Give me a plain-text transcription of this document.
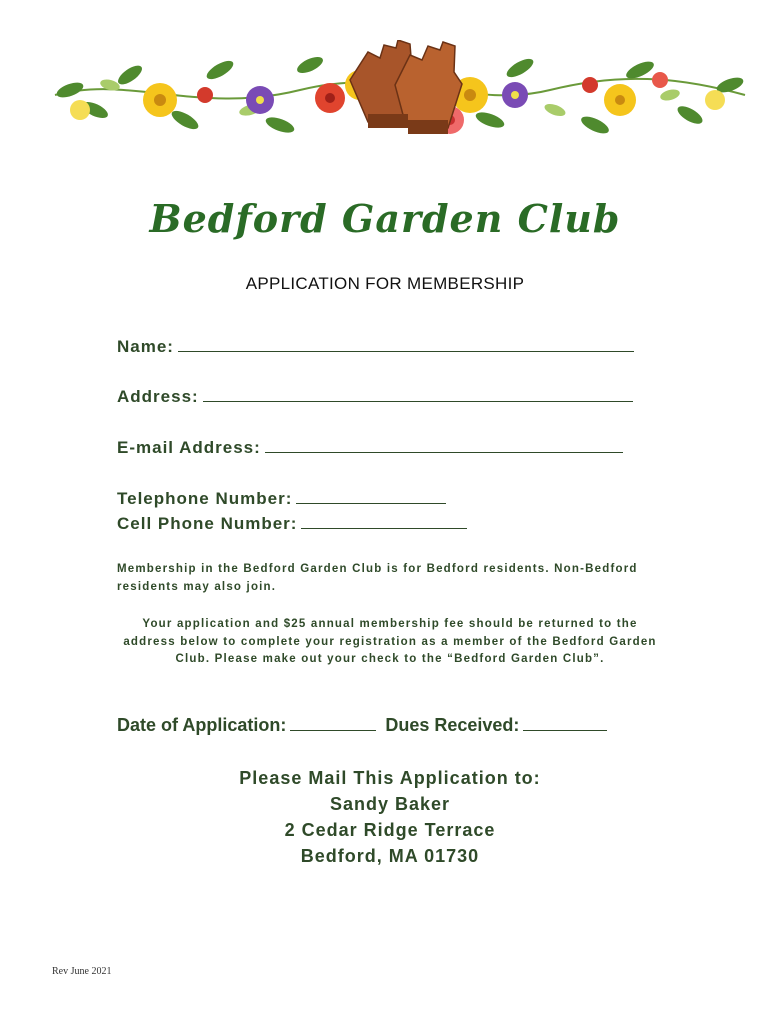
Bedford Garden Club
APPLICATION FOR MEMBERSHIP
Name:
Address:
E-mail Address:
Telephone Number:
Cell Phone Number:
Membership in the Bedford Garden Club is for Bedford residents. Non-Bedford residents may also join.
Your application and $25 annual membership fee should be returned to the address below to complete your registration as a member of the Bedford Garden Club. Please make out your check to the “Bedford Garden Club”.
Date of Application:	Dues Received:
Please Mail This Application to:
Sandy Baker
2 Cedar Ridge Terrace
Bedford, MA 01730
Rev June 2021
